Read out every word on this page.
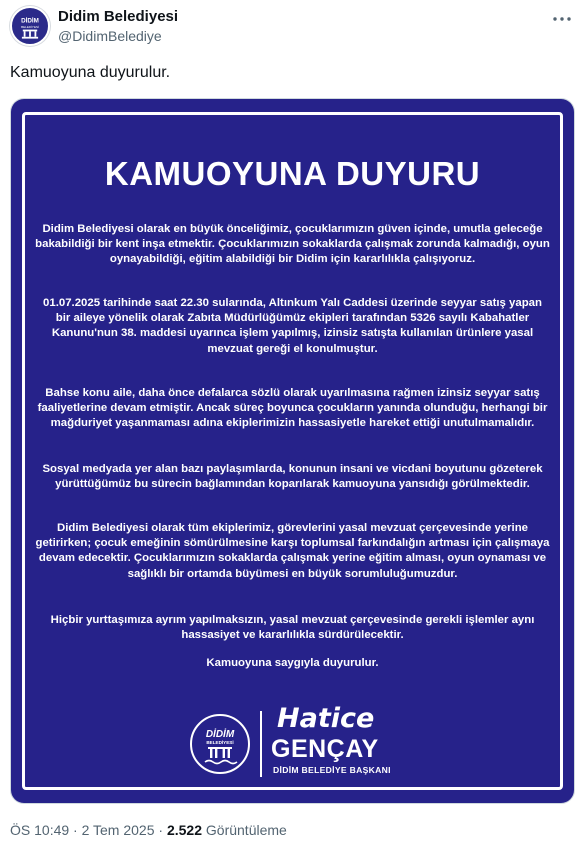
DİDİM
BELEDİYESİ
Didim Belediyesi
@DidimBelediye
Kamuoyuna duyurulur.
KAMUOYUNA DUYURU
Didim Belediyesi olarak en büyük önceliğimiz, çocuklarımızın güven içinde, umutla geleceğe bakabildiği bir kent inşa etmektir. Çocuklarımızın sokaklarda çalışmak zorunda kalmadığı, oyun oynayabildiği, eğitim alabildiği bir Didim için kararlılıkla çalışıyoruz.
01.07.2025 tarihinde saat 22.30 sularında, Altınkum Yalı Caddesi üzerinde seyyar satış yapan bir aileye yönelik olarak Zabıta Müdürlüğümüz ekipleri tarafından 5326 sayılı Kabahatler Kanunu'nun 38. maddesi uyarınca işlem yapılmış, izinsiz satışta kullanılan ürünlere yasal mevzuat gereği el konulmuştur.
Bahse konu aile, daha önce defalarca sözlü olarak uyarılmasına rağmen izinsiz seyyar satış faaliyetlerine devam etmiştir. Ancak süreç boyunca çocukların yanında olunduğu, herhangi bir mağduriyet yaşanmaması adına ekiplerimizin hassasiyetle hareket ettiği unutulmamalıdır.
Sosyal medyada yer alan bazı paylaşımlarda, konunun insani ve vicdani boyutunu gözeterek yürüttüğümüz bu sürecin bağlamından koparılarak kamuoyuna yansıdığı görülmektedir.
Didim Belediyesi olarak tüm ekiplerimiz, görevlerini yasal mevzuat çerçevesinde yerine getirirken; çocuk emeğinin sömürülmesine karşı toplumsal farkındalığın artması için çalışmaya devam edecektir. Çocuklarımızın sokaklarda çalışmak yerine eğitim alması, oyun oynaması ve sağlıklı bir ortamda büyümesi en büyük sorumluluğumuzdur.
Hiçbir yurttaşımıza ayrım yapılmaksızın, yasal mevzuat çerçevesinde gerekli işlemler aynı hassasiyet ve kararlılıkla sürdürülecektir.
Kamuoyuna saygıyla duyurulur.
DİDİM
BELEDİYESİ
Hatice
GENÇAY
DİDİM BELEDİYE BAŞKANI
ÖS 10:49 · 2 Tem 2025 · 2.522 Görüntüleme
